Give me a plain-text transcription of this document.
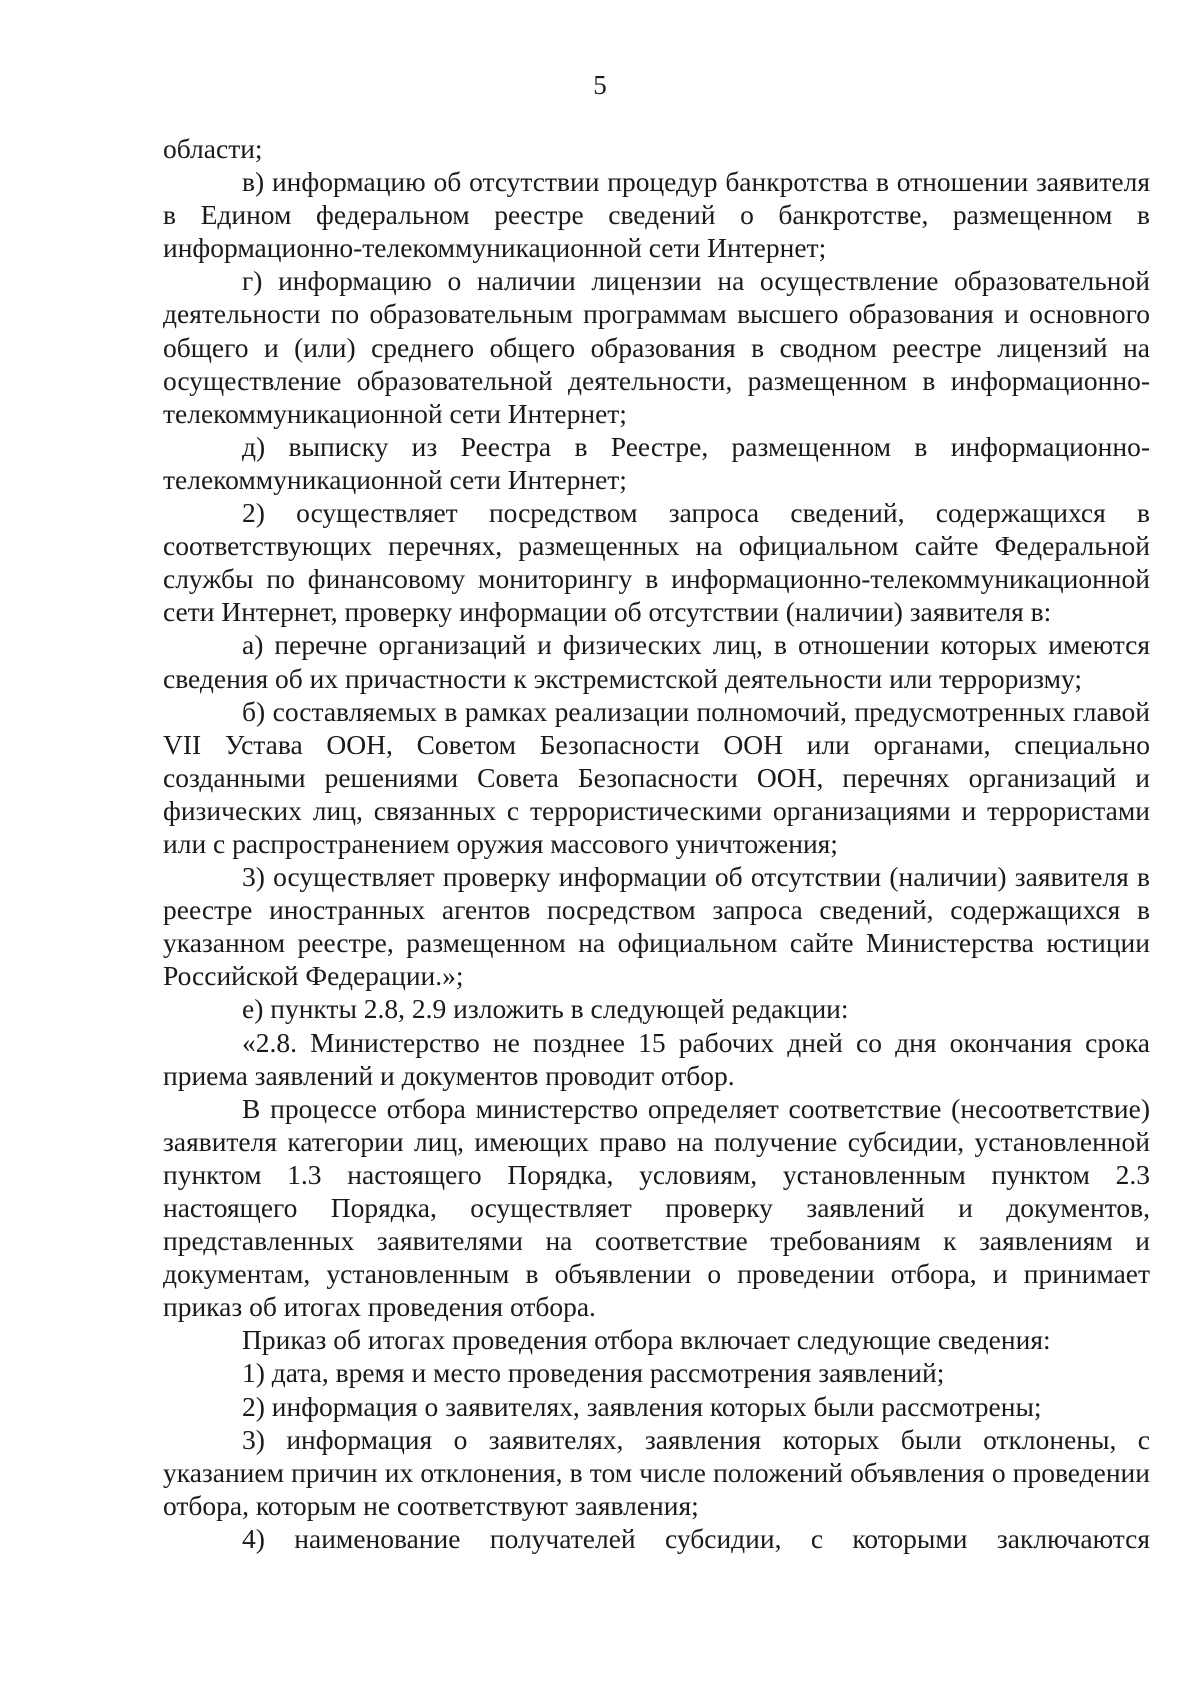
5

области;

в) информацию об отсутствии процедур банкротства в отношении заявителя в Едином федеральном реестре сведений о банкротстве, размещенном в информационно-телекоммуникационной сети Интернет;

г) информацию о наличии лицензии на осуществление образовательной деятельности по образовательным программам высшего образования и основного общего и (или) среднего общего образования в сводном реестре лицензий на осуществление образовательной деятельности, размещенном в информационно-телекоммуникационной сети Интернет;

д) выписку из Реестра в Реестре, размещенном в информационно-телекоммуникационной сети Интернет;

2) осуществляет посредством запроса сведений, содержащихся в соответствующих перечнях, размещенных на официальном сайте Федеральной службы по финансовому мониторингу в информационно-телекоммуникационной сети Интернет, проверку информации об отсутствии (наличии) заявителя в:

а) перечне организаций и физических лиц, в отношении которых имеются сведения об их причастности к экстремистской деятельности или терроризму;

б) составляемых в рамках реализации полномочий, предусмотренных главой VII Устава ООН, Советом Безопасности ООН или органами, специально созданными решениями Совета Безопасности ООН, перечнях организаций и физических лиц, связанных с террористическими организациями и террористами или с распространением оружия массового уничтожения;

3) осуществляет проверку информации об отсутствии (наличии) заявителя в реестре иностранных агентов посредством запроса сведений, содержащихся в указанном реестре, размещенном на официальном сайте Министерства юстиции Российской Федерации.»;

е) пункты 2.8, 2.9 изложить в следующей редакции:

«2.8. Министерство не позднее 15 рабочих дней со дня окончания срока приема заявлений и документов проводит отбор.

В процессе отбора министерство определяет соответствие (несоответствие) заявителя категории лиц, имеющих право на получение субсидии, установленной пунктом 1.3 настоящего Порядка, условиям, установленным пунктом 2.3 настоящего Порядка, осуществляет проверку заявлений и документов, представленных заявителями на соответствие требованиям к заявлениям и документам, установленным в объявлении о проведении отбора, и принимает приказ об итогах проведения отбора.

Приказ об итогах проведения отбора включает следующие сведения:

1) дата, время и место проведения рассмотрения заявлений;

2) информация о заявителях, заявления которых были рассмотрены;

3) информация о заявителях, заявления которых были отклонены, с указанием причин их отклонения, в том числе положений объявления о проведении отбора, которым не соответствуют заявления;

4) наименование получателей субсидии, с которыми заключаются
